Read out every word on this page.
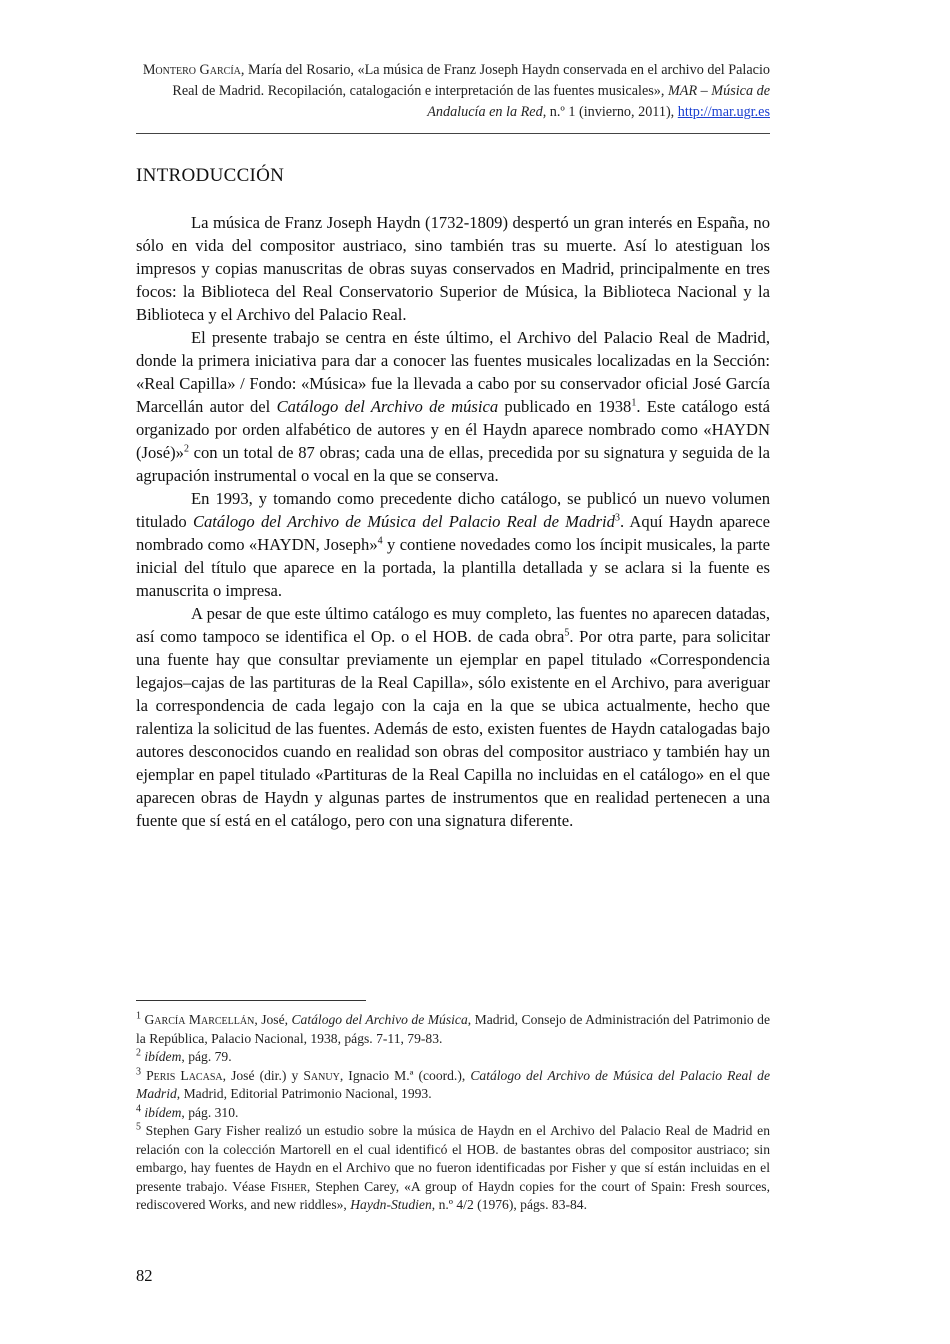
Montero García, María del Rosario, «La música de Franz Joseph Haydn conservada en el archivo del Palacio Real de Madrid. Recopilación, catalogación e interpretación de las fuentes musicales», MAR – Música de Andalucía en la Red, n.º 1 (invierno, 2011), http://mar.ugr.es
INTRODUCCIÓN

La música de Franz Joseph Haydn (1732-1809) despertó un gran interés en España, no sólo en vida del compositor austriaco, sino también tras su muerte. Así lo atestiguan los impresos y copias manuscritas de obras suyas conservados en Madrid, principalmente en tres focos: la Biblioteca del Real Conservatorio Superior de Música, la Biblioteca Nacional y la Biblioteca y el Archivo del Palacio Real.

El presente trabajo se centra en éste último, el Archivo del Palacio Real de Madrid, donde la primera iniciativa para dar a conocer las fuentes musicales localizadas en la Sección: «Real Capilla» / Fondo: «Música» fue la llevada a cabo por su conservador oficial José García Marcellán autor del Catálogo del Archivo de música publicado en 1938$^1$. Este catálogo está organizado por orden alfabético de autores y en él Haydn aparece nombrado como «HAYDN (José)»$^2$ con un total de 87 obras; cada una de ellas, precedida por su signatura y seguida de la agrupación instrumental o vocal en la que se conserva.

En 1993, y tomando como precedente dicho catálogo, se publicó un nuevo volumen titulado Catálogo del Archivo de Música del Palacio Real de Madrid$^3$. Aquí Haydn aparece nombrado como «HAYDN, Joseph»$^4$ y contiene novedades como los íncipit musicales, la parte inicial del título que aparece en la portada, la plantilla detallada y se aclara si la fuente es manuscrita o impresa.

A pesar de que este último catálogo es muy completo, las fuentes no aparecen datadas, así como tampoco se identifica el Op. o el HOB. de cada obra$^5$. Por otra parte, para solicitar una fuente hay que consultar previamente un ejemplar en papel titulado «Correspondencia legajos–cajas de las partituras de la Real Capilla», sólo existente en el Archivo, para averiguar la correspondencia de cada legajo con la caja en la que se ubica actualmente, hecho que ralentiza la solicitud de las fuentes. Además de esto, existen fuentes de Haydn catalogadas bajo autores desconocidos cuando en realidad son obras del compositor austriaco y también hay un ejemplar en papel titulado «Partituras de la Real Capilla no incluidas en el catálogo» en el que aparecen obras de Haydn y algunas partes de instrumentos que en realidad pertenecen a una fuente que sí está en el catálogo, pero con una signatura diferente.

$^1$ García Marcellán, José, Catálogo del Archivo de Música, Madrid, Consejo de Administración del Patrimonio de la República, Palacio Nacional, 1938, págs. 7-11, 79-83.

$^2$ ibídem, pág. 79.

$^3$ Peris Lacasa, José (dir.) y Sanuy, Ignacio M.ª (coord.), Catálogo del Archivo de Música del Palacio Real de Madrid, Madrid, Editorial Patrimonio Nacional, 1993.

$^4$ ibídem, pág. 310.

$^5$ Stephen Gary Fisher realizó un estudio sobre la música de Haydn en el Archivo del Palacio Real de Madrid en relación con la colección Martorell en el cual identificó el HOB. de bastantes obras del compositor austriaco; sin embargo, hay fuentes de Haydn en el Archivo que no fueron identificadas por Fisher y que sí están incluidas en el presente trabajo. Véase Fisher, Stephen Carey, «A group of Haydn copies for the court of Spain: Fresh sources, rediscovered Works, and new riddles», Haydn-Studien, n.º 4/2 (1976), págs. 83-84.

82
